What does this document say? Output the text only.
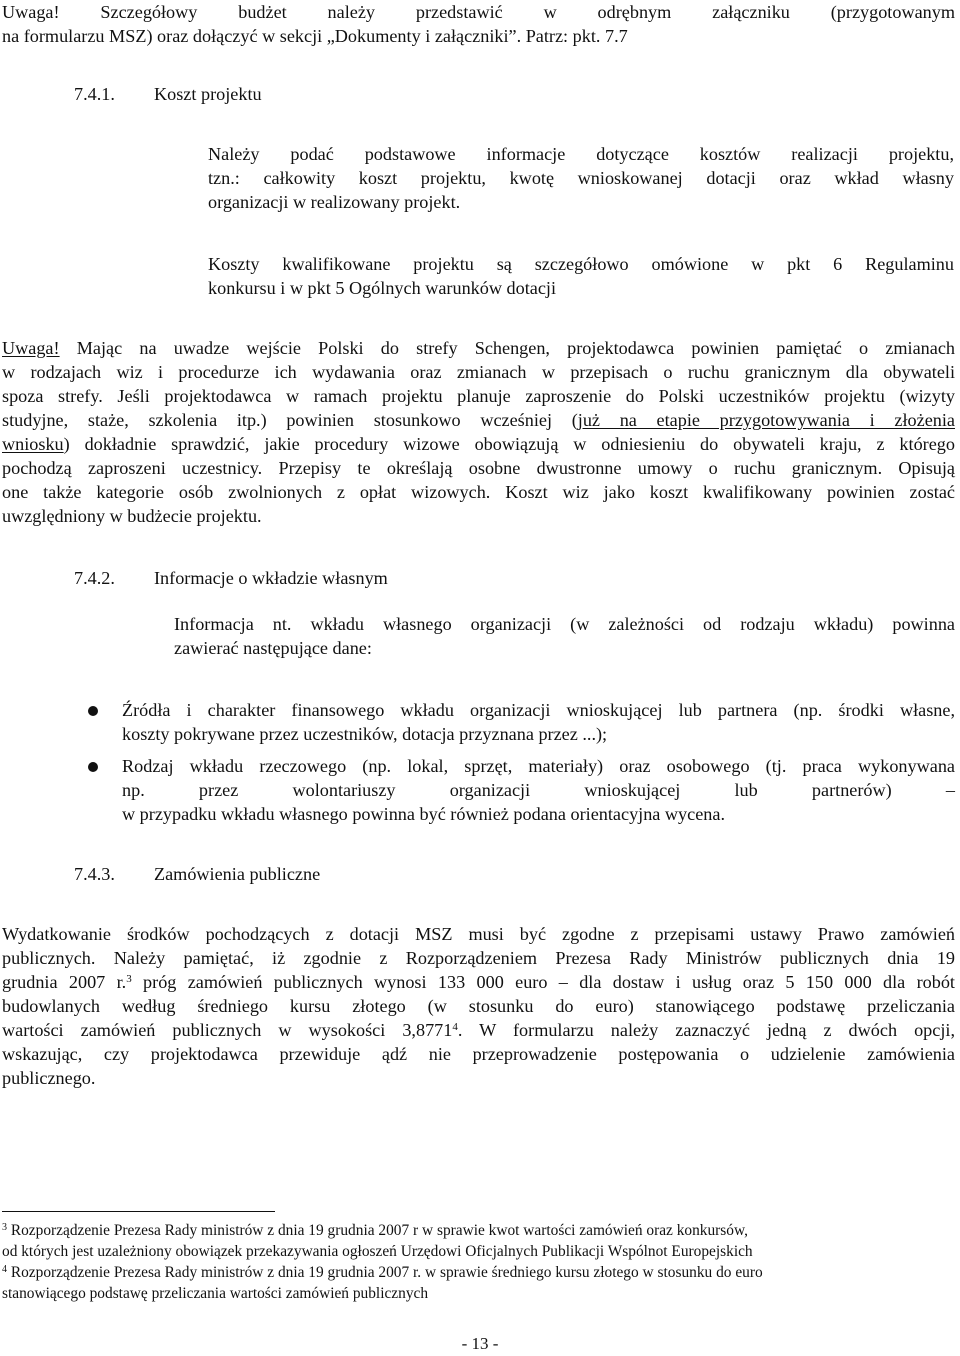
Uwaga! Szczegółowy budżet należy przedstawić w odrębnym załączniku (przygotowanym
na formularzu MSZ) oraz dołączyć w sekcji „Dokumenty i załączniki”. Patrz: pkt. 7.7
7.4.1. Koszt projektu
Należy podać podstawowe informacje dotyczące kosztów realizacji projektu,
tzn.: całkowity koszt projektu, kwotę wnioskowanej dotacji oraz wkład własny
organizacji w realizowany projekt.
Koszty kwalifikowane projektu są szczegółowo omówione w pkt 6 Regulaminu
konkursu i w pkt 5 Ogólnych warunków dotacji
Uwaga! Mając na uwadze wejście Polski do strefy Schengen, projektodawca powinien pamiętać o zmianach
w rodzajach wiz i procedurze ich wydawania oraz zmianach w przepisach o ruchu granicznym dla obywateli
spoza strefy. Jeśli projektodawca w ramach projektu planuje zaproszenie do Polski uczestników projektu (wizyty
studyjne, staże, szkolenia itp.) powinien stosunkowo wcześniej (już na etapie przygotowywania i złożenia
wniosku) dokładnie sprawdzić, jakie procedury wizowe obowiązują w odniesieniu do obywateli kraju, z którego
pochodzą zaproszeni uczestnicy. Przepisy te określają osobne dwustronne umowy o ruchu granicznym. Opisują
one także kategorie osób zwolnionych z opłat wizowych. Koszt wiz jako koszt kwalifikowany powinien zostać
uwzględniony w budżecie projektu.
7.4.2. Informacje o wkładzie własnym
Informacja nt. wkładu własnego organizacji (w zależności od rodzaju wkładu) powinna
zawierać następujące dane:
Źródła i charakter finansowego wkładu organizacji wnioskującej lub partnera (np. środki własne,
koszty pokrywane przez uczestników, dotacja przyznana przez ...);
Rodzaj wkładu rzeczowego (np. lokal, sprzęt, materiały) oraz osobowego (tj. praca wykonywana
np. przez wolontariuszy organizacji wnioskującej lub partnerów) –
w przypadku wkładu własnego powinna być również podana orientacyjna wycena.
7.4.3. Zamówienia publiczne
Wydatkowanie środków pochodzących z dotacji MSZ musi być zgodne z przepisami ustawy Prawo zamówień
publicznych. Należy pamiętać, iż zgodnie z Rozporządzeniem Prezesa Rady Ministrów publicznych dnia 19
grudnia 2007 r.$^3$ próg zamówień publicznych wynosi 133 000 euro – dla dostaw i usług oraz 5 150 000 dla robót
budowlanych według średniego kursu złotego (w stosunku do euro) stanowiącego podstawę przeliczania
wartości zamówień publicznych w wysokości 3,8771$^4$. W formularzu należy zaznaczyć jedną z dwóch opcji,
wskazując, czy projektodawca przewiduje ądź nie przeprowadzenie postępowania o udzielenie zamówienia
publicznego.
$^3$ Rozporządzenie Prezesa Rady ministrów z dnia 19 grudnia 2007 r w sprawie kwot wartości zamówień oraz konkursów,
od których jest uzależniony obowiązek przekazywania ogłoszeń Urzędowi Oficjalnych Publikacji Wspólnot Europejskich
$^4$ Rozporządzenie Prezesa Rady ministrów z dnia 19 grudnia 2007 r. w sprawie średniego kursu złotego w stosunku do euro
stanowiącego podstawę przeliczania wartości zamówień publicznych
- 13 -
